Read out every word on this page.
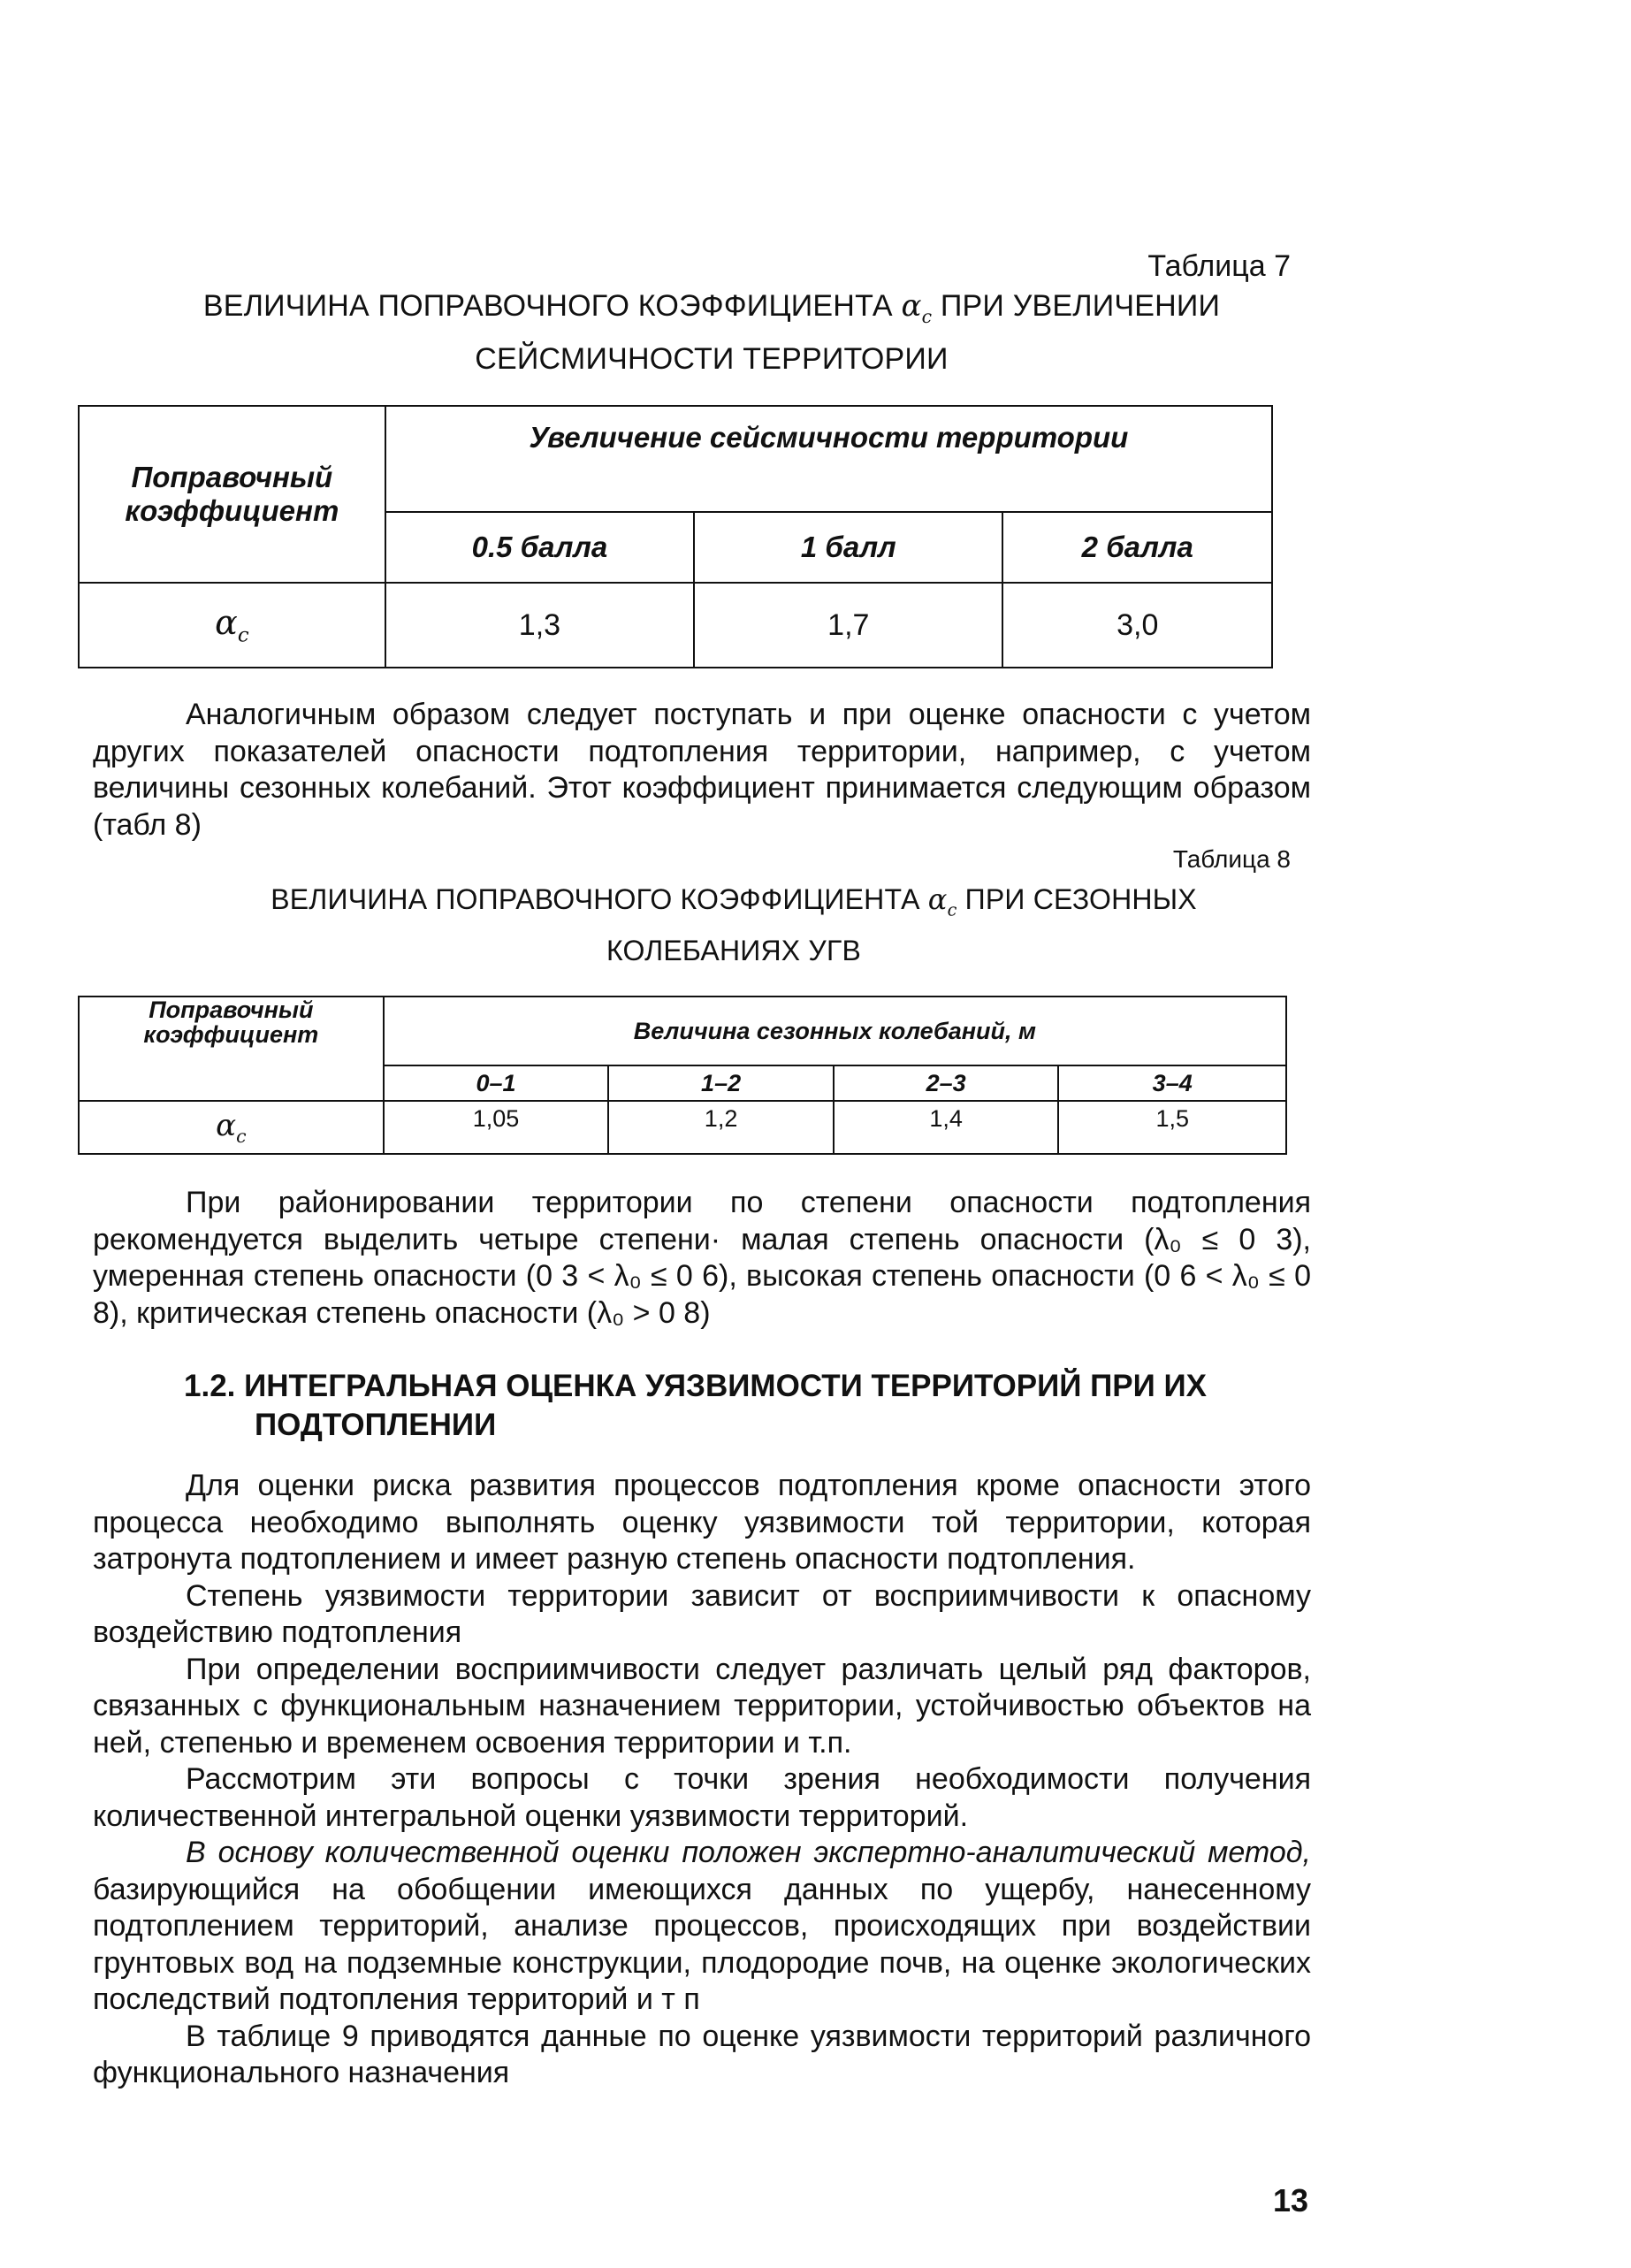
Таблица 7
ВЕЛИЧИНА ПОПРАВОЧНОГО КОЭФФИЦИЕНТА $\alpha_c$ ПРИ УВЕЛИЧЕНИИ
СЕЙСМИЧНОСТИ ТЕРРИТОРИИ
Поправочный коэффициент	Увеличение сейсмичности территории		
	0.5 балла	1 балл	2 балла
$\alpha_c$	1,3	1,7	3,0

Аналогичным образом следует поступать и при оценке опасности с учетом других показателей опасности подтопления территории, например, с учетом величины сезонных колебаний. Этот коэффициент принимается следующим образом (табл 8)

Таблица 8
ВЕЛИЧИНА ПОПРАВОЧНОГО КОЭФФИЦИЕНТА $\alpha_c$ ПРИ СЕЗОННЫХ
КОЛЕБАНИЯХ УГВ
Поправочный коэффициент	Величина сезонных колебаний, м			
	0–1	1–2	2–3	3–4
$\alpha_c$	1,05	1,2	1,4	1,5

При районировании территории по степени опасности подтопления рекомендуется выделить четыре степени· малая степень опасности (λ₀ ≤ 0 3), умеренная степень опасности (0 3 < λ₀ ≤ 0 6), высокая степень опасности (0 6 < λ₀ ≤ 0 8), критическая степень опасности (λ₀ > 0 8)

1.2. ИНТЕГРАЛЬНАЯ ОЦЕНКА УЯЗВИМОСТИ ТЕРРИТОРИЙ ПРИ ИХ
ПОДТОПЛЕНИИ

Для оценки риска развития процессов подтопления кроме опасности этого процесса необходимо выполнять оценку уязвимости той территории, которая затронута подтоплением и имеет разную степень опасности подтопления.

Степень уязвимости территории зависит от восприимчивости к опасному воздействию подтопления

При определении восприимчивости следует различать целый ряд факторов, связанных с функциональным назначением территории, устойчивостью объектов на ней, степенью и временем освоения территории и т.п.

Рассмотрим эти вопросы с точки зрения необходимости получения количественной интегральной оценки уязвимости территорий.

В основу количественной оценки положен экспертно-аналитический метод, базирующийся на обобщении имеющихся данных по ущербу, нанесенному подтоплением территорий, анализе процессов, происходящих при воздействии грунтовых вод на подземные конструкции, плодородие почв, на оценке экологических последствий подтопления территорий и т п

В таблице 9 приводятся данные по оценке уязвимости территорий различного функционального назначения

13
